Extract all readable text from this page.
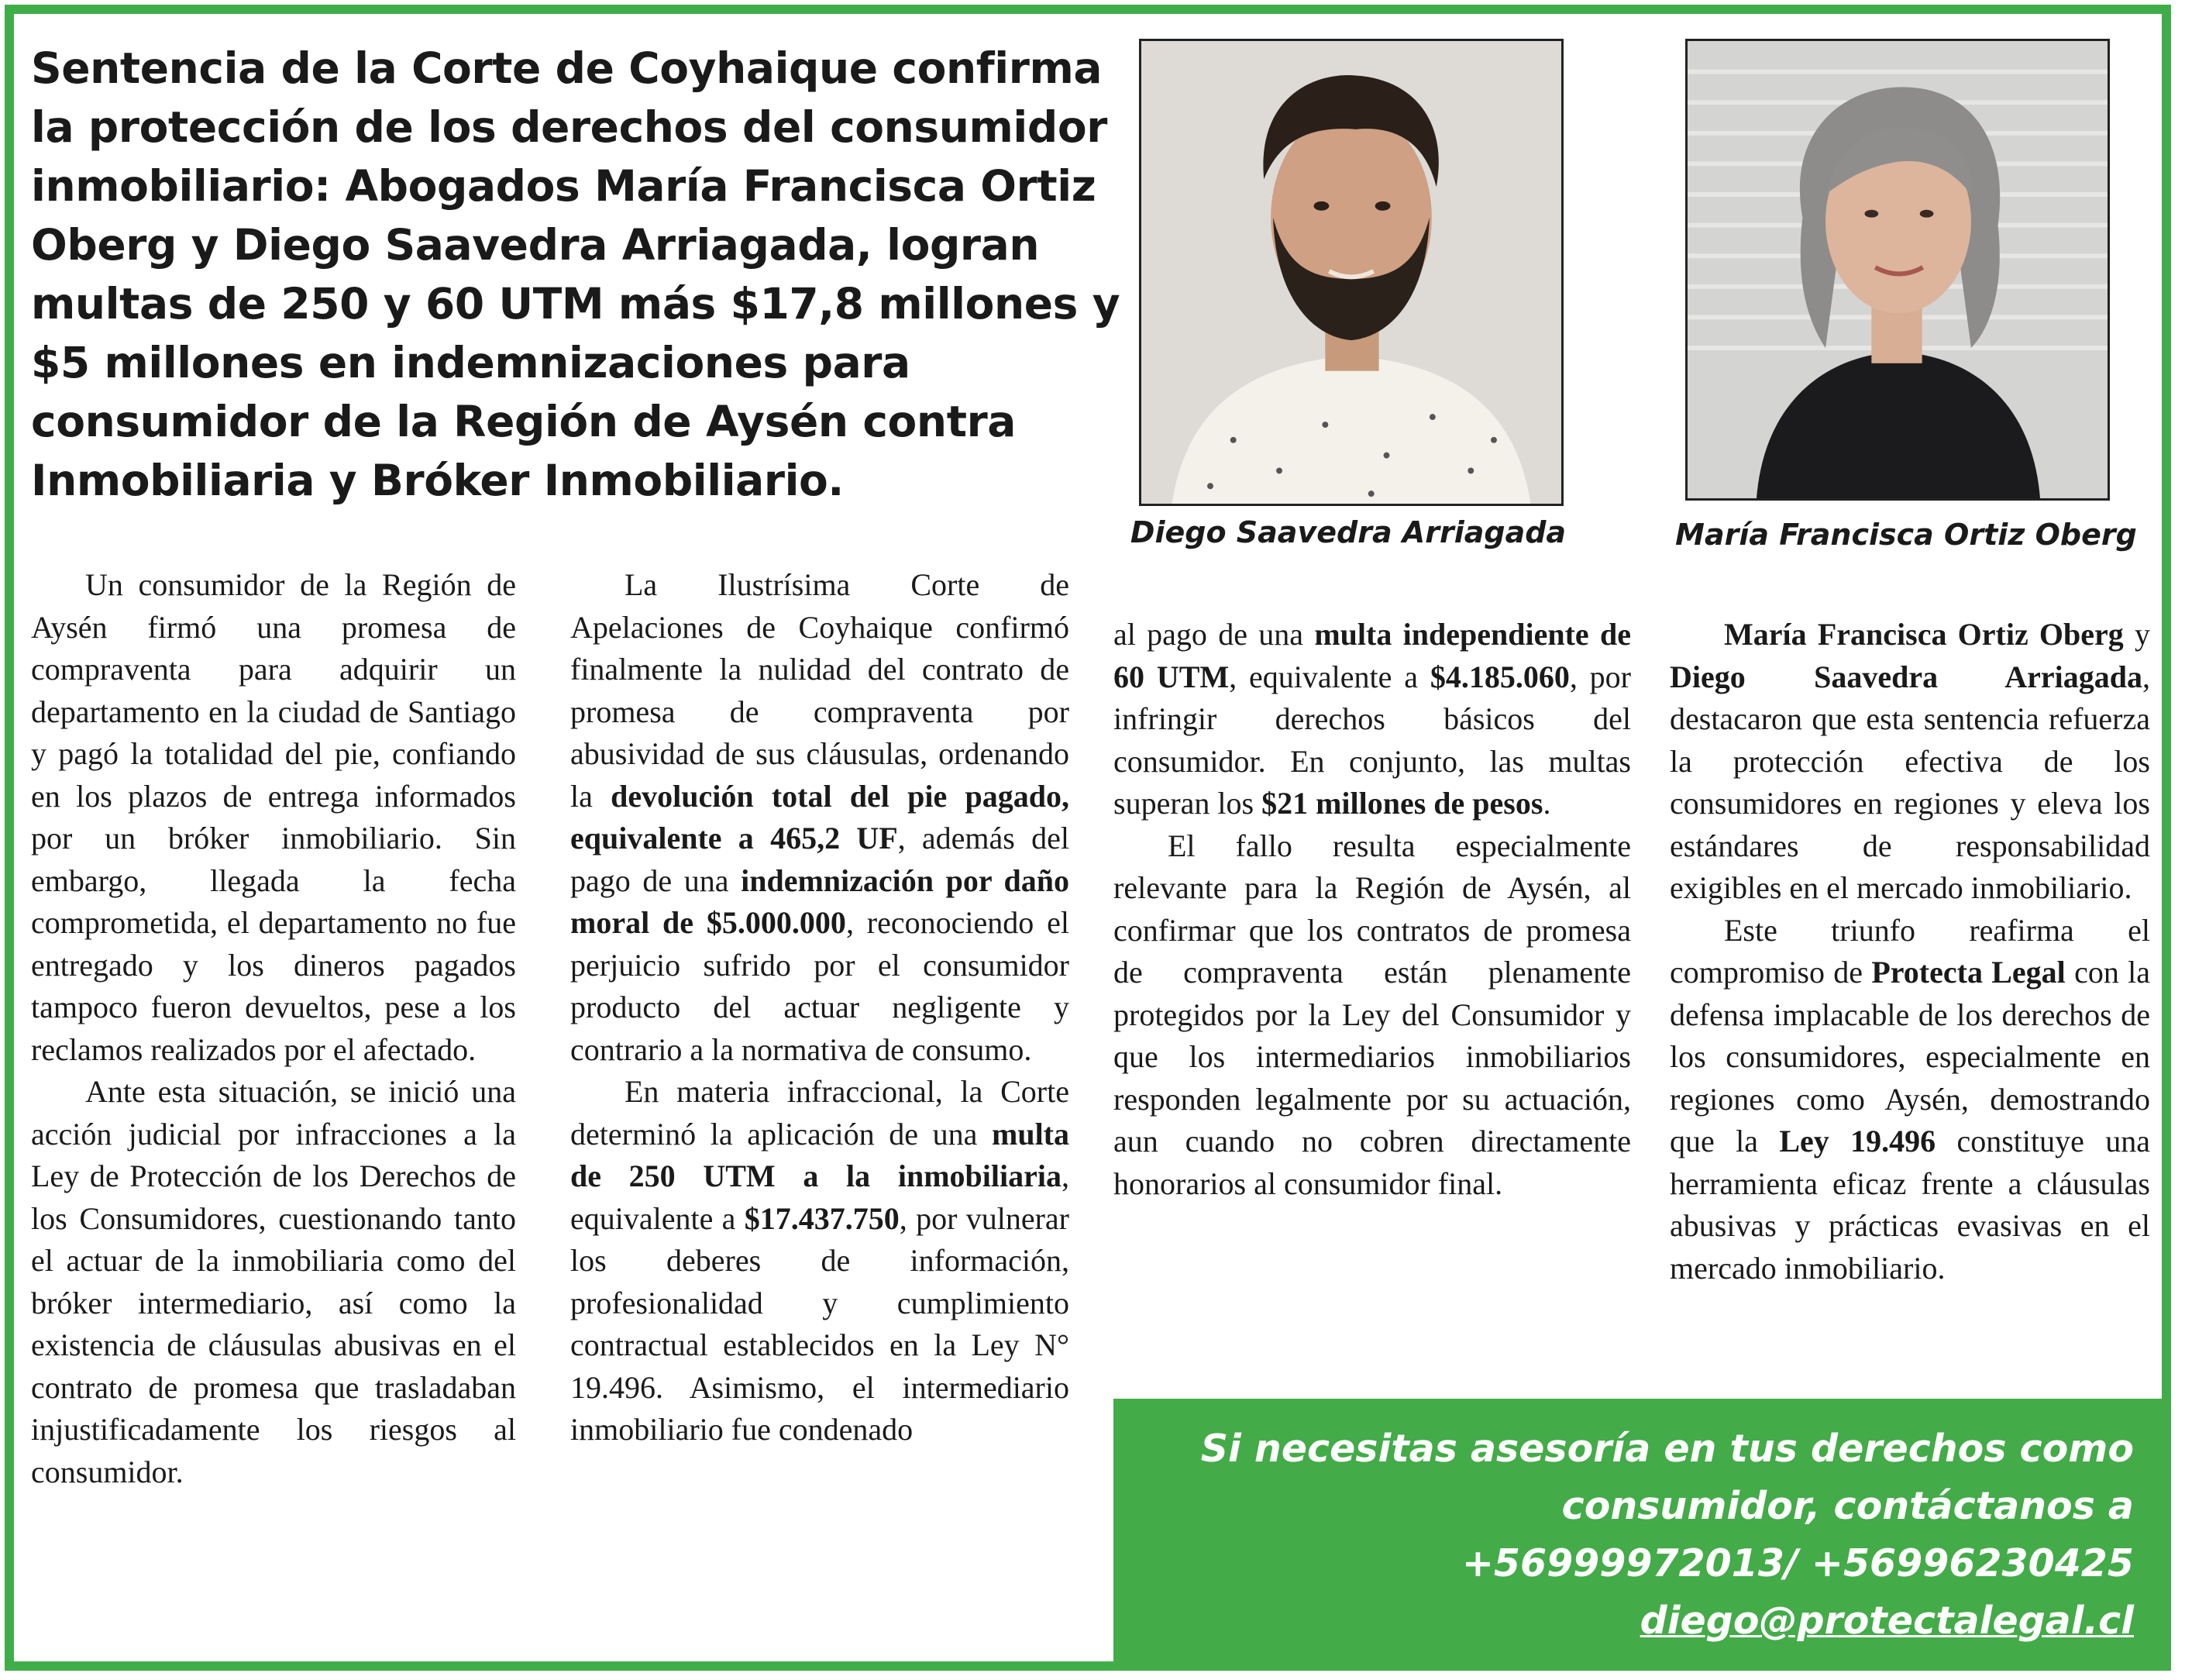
Sentencia de la Corte de Coyhaique confirma la protección de los derechos del consumidor inmobiliario: Abogados María Francisca Ortiz Oberg y Diego Saavedra Arriagada, logran multas de 250 y 60 UTM más $17,8 millones y $5 millones en indemnizaciones para consumidor de la Región de Aysén contra Inmobiliaria y Bróker Inmobiliario.
Diego Saavedra Arriagada	María Francisca Ortiz Oberg

Un consumidor de la Región de Aysén firmó una promesa de compraventa para adquirir un departamento en la ciudad de Santiago y pagó la totalidad del pie, confiando en los plazos de entrega informados por un bróker inmobiliario. Sin embargo, llegada la fecha comprometida, el departamento no fue entregado y los dineros pagados tampoco fueron devueltos, pese a los reclamos realizados por el afectado.

Ante esta situación, se inició una acción judicial por infracciones a la Ley de Protección de los Derechos de los Consumidores, cuestionando tanto el actuar de la inmobiliaria como del bróker intermediario, así como la existencia de cláusulas abusivas en el contrato de promesa que trasladaban injustificadamente los riesgos al consumidor.

La Ilustrísima Corte de Apelaciones de Coyhaique confirmó finalmente la nulidad del contrato de promesa de compraventa por abusividad de sus cláusulas, ordenando la devolución total del pie pagado, equivalente a 465,2 UF, además del pago de una indemnización por daño moral de $5.000.000, reconociendo el perjuicio sufrido por el consumidor producto del actuar negligente y contrario a la normativa de consumo.

En materia infraccional, la Corte determinó la aplicación de una multa de 250 UTM a la inmobiliaria, equivalente a $17.437.750, por vulnerar los deberes de información, profesionalidad y cumplimiento contractual establecidos en la Ley N° 19.496. Asimismo, el intermediario inmobiliario fue condenado

al pago de una multa independiente de 60 UTM, equivalente a $4.185.060, por infringir derechos básicos del consumidor. En conjunto, las multas superan los $21 millones de pesos.

El fallo resulta especialmente relevante para la Región de Aysén, al confirmar que los contratos de promesa de compraventa están plenamente protegidos por la Ley del Consumidor y que los intermediarios inmobiliarios responden legalmente por su actuación, aun cuando no cobren directamente honorarios al consumidor final.

María Francisca Ortiz Oberg y Diego Saavedra Arriagada, destacaron que esta sentencia refuerza la protección efectiva de los consumidores en regiones y eleva los estándares de responsabilidad exigibles en el mercado inmobiliario.

Este triunfo reafirma el compromiso de Protecta Legal con la defensa implacable de los derechos de los consumidores, especialmente en regiones como Aysén, demostrando que la Ley 19.496 constituye una herramienta eficaz frente a cláusulas abusivas y prácticas evasivas en el mercado inmobiliario.

Si necesitas asesoría en tus derechos como
consumidor, contáctanos a
+56999972013/ +56996230425
diego@protectalegal.cl
